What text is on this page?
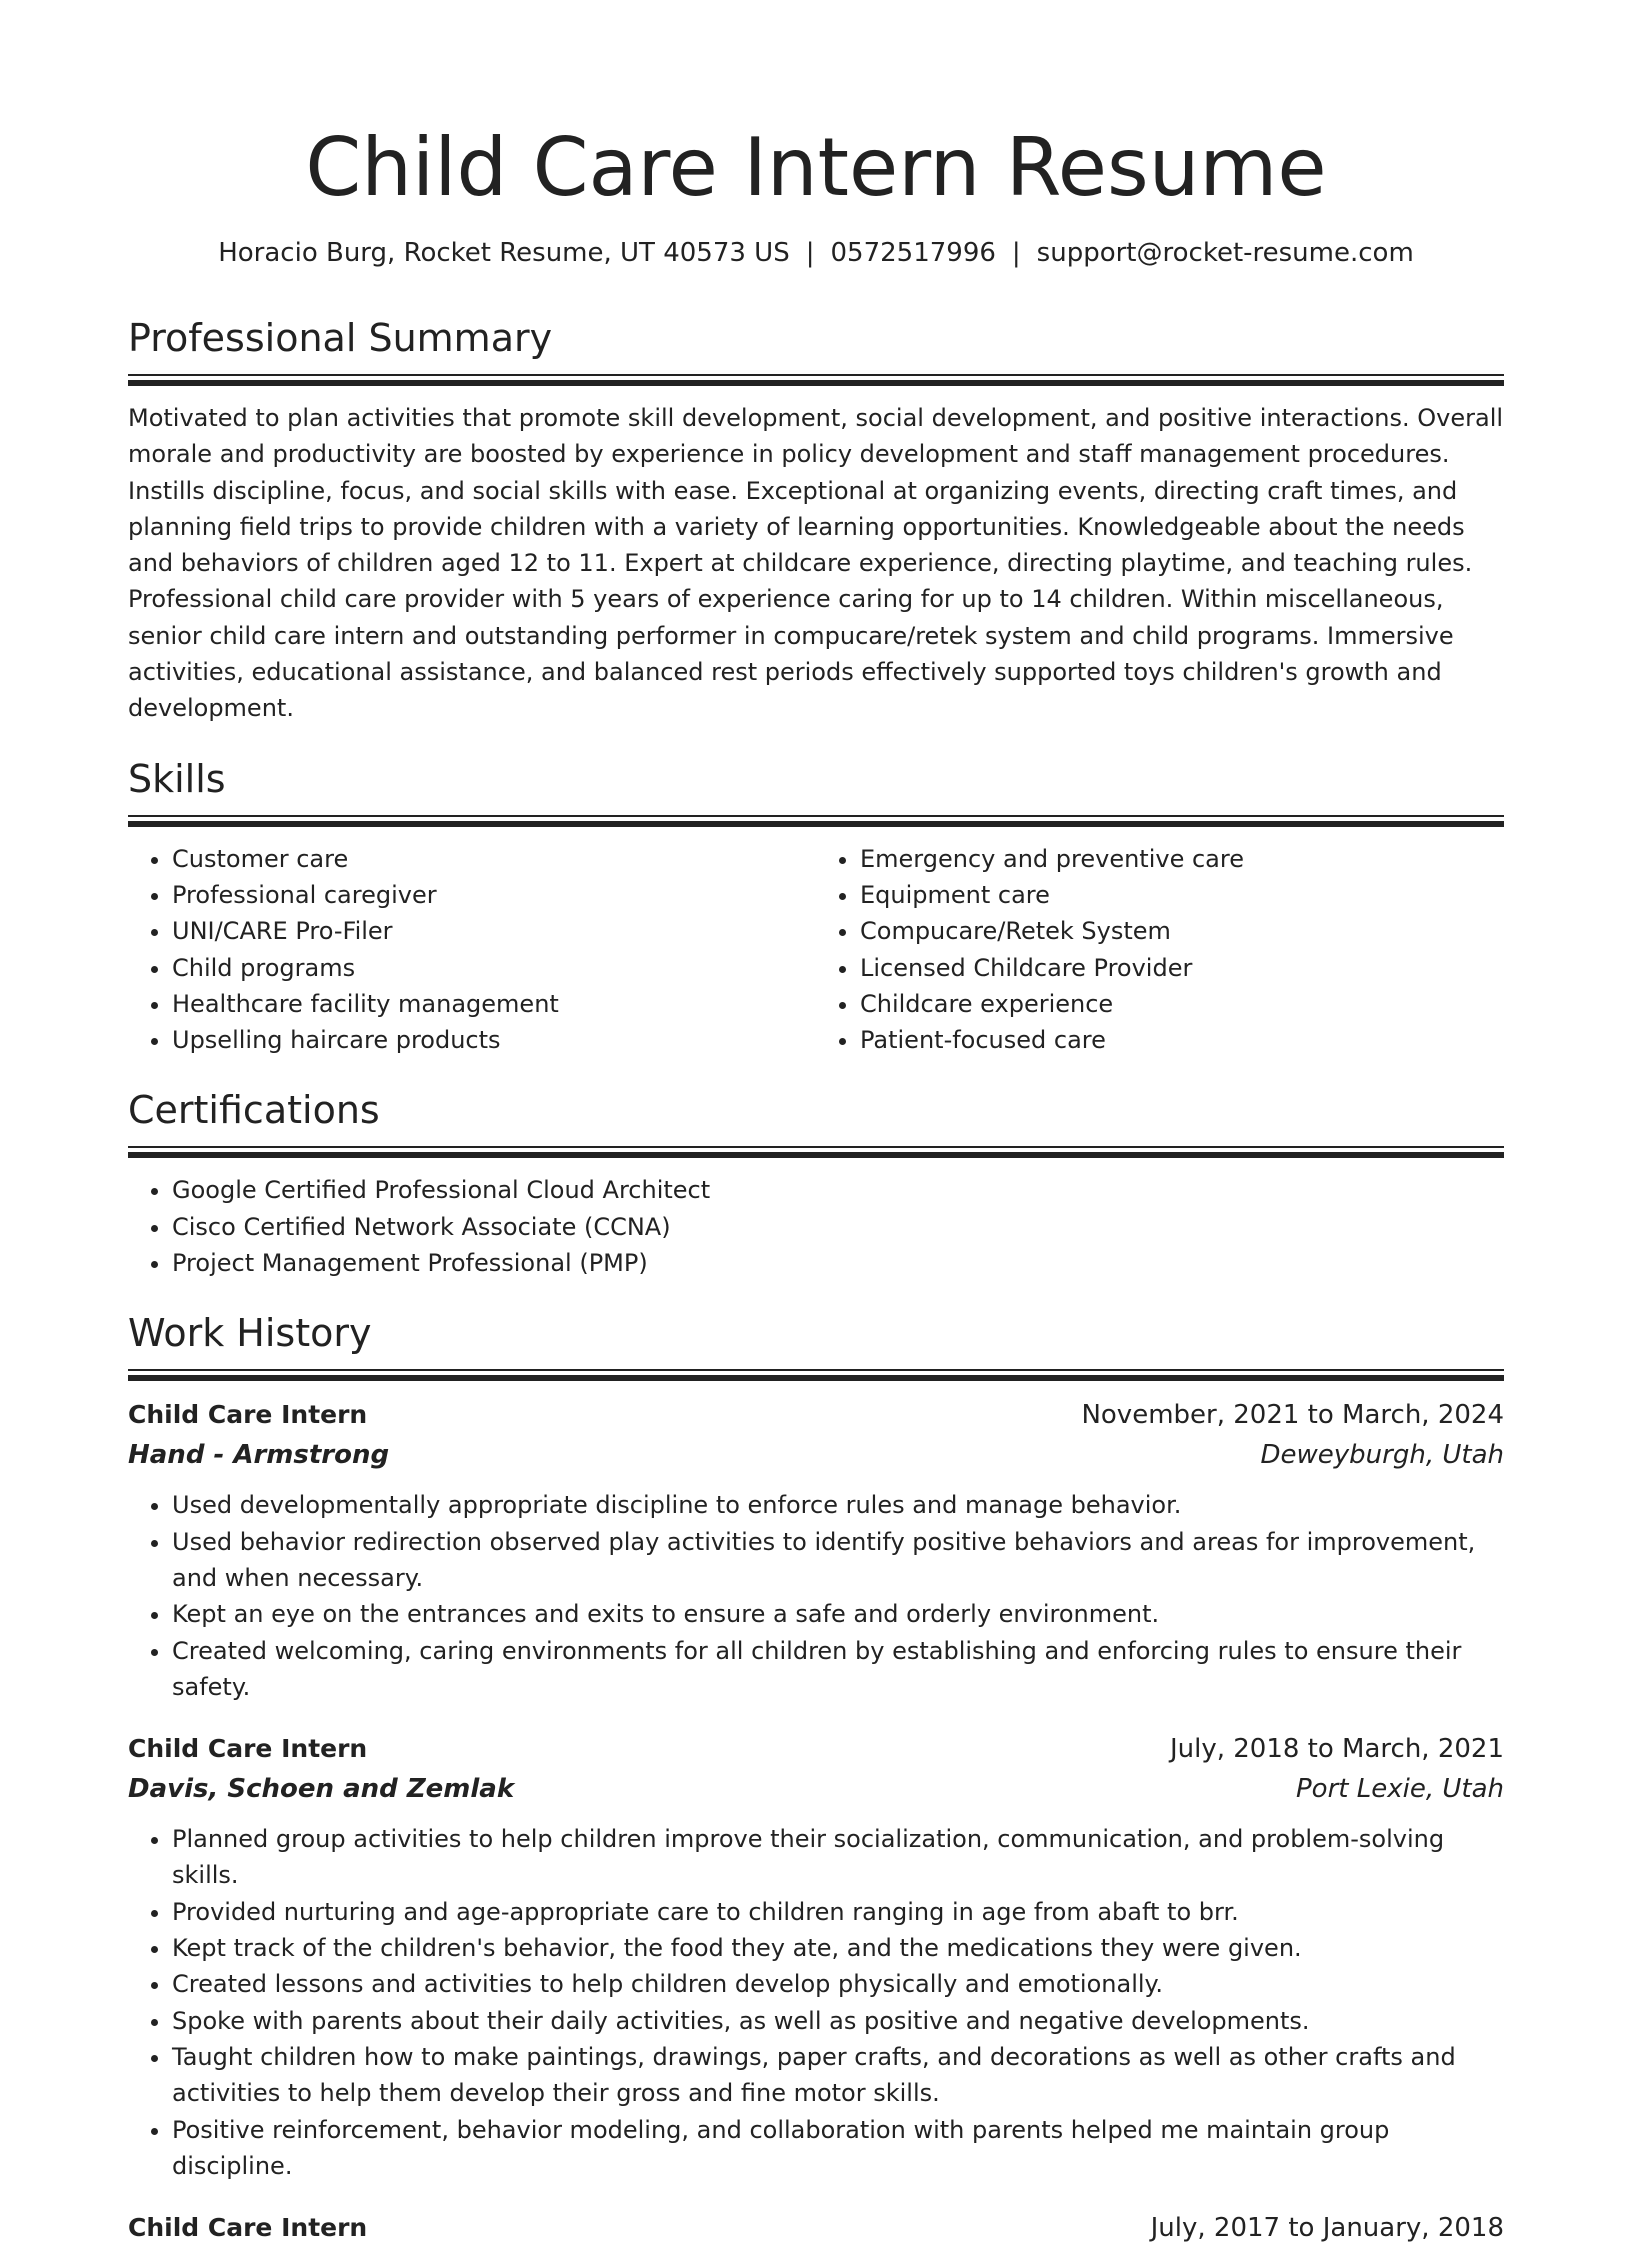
Child Care Intern Resume
Horacio Burg, Rocket Resume, UT 40573 US | 0572517996 | support@rocket-resume.com
Professional Summary

Motivated to plan activities that promote skill development, social development, and positive interactions. Overall morale and productivity are boosted by experience in policy development and staff management procedures. Instills discipline, focus, and social skills with ease. Exceptional at organizing events, directing craft times, and planning field trips to provide children with a variety of learning opportunities. Knowledgeable about the needs and behaviors of children aged 12 to 11. Expert at childcare experience, directing playtime, and teaching rules. Professional child care provider with 5 years of experience caring for up to 14 children. Within miscellaneous, senior child care intern and outstanding performer in compucare/retek system and child programs. Immersive activities, educational assistance, and balanced rest periods effectively supported toys children's growth and development.

Skills
• Customer care
• Professional caregiver
• UNI/CARE Pro-Filer
• Child programs
• Healthcare facility management
• Upselling haircare products
• Emergency and preventive care
• Equipment care
• Compucare/Retek System
• Licensed Childcare Provider
• Childcare experience
• Patient-focused care
Certifications
• Google Certified Professional Cloud Architect
• Cisco Certified Network Associate (CCNA)
• Project Management Professional (PMP)
Work History
Child Care Intern	November, 2021 to March, 2024
Hand - Armstrong	Deweyburgh, Utah
• Used developmentally appropriate discipline to enforce rules and manage behavior.
• Used behavior redirection observed play activities to identify positive behaviors and areas for improvement, and when necessary.
• Kept an eye on the entrances and exits to ensure a safe and orderly environment.
• Created welcoming, caring environments for all children by establishing and enforcing rules to ensure their safety.
Child Care Intern	July, 2018 to March, 2021
Davis, Schoen and Zemlak	Port Lexie, Utah
• Planned group activities to help children improve their socialization, communication, and problem-solving skills.
• Provided nurturing and age-appropriate care to children ranging in age from abaft to brr.
• Kept track of the children's behavior, the food they ate, and the medications they were given.
• Created lessons and activities to help children develop physically and emotionally.
• Spoke with parents about their daily activities, as well as positive and negative developments.
• Taught children how to make paintings, drawings, paper crafts, and decorations as well as other crafts and activities to help them develop their gross and fine motor skills.
• Positive reinforcement, behavior modeling, and collaboration with parents helped me maintain group discipline.
Child Care Intern	July, 2017 to January, 2018
